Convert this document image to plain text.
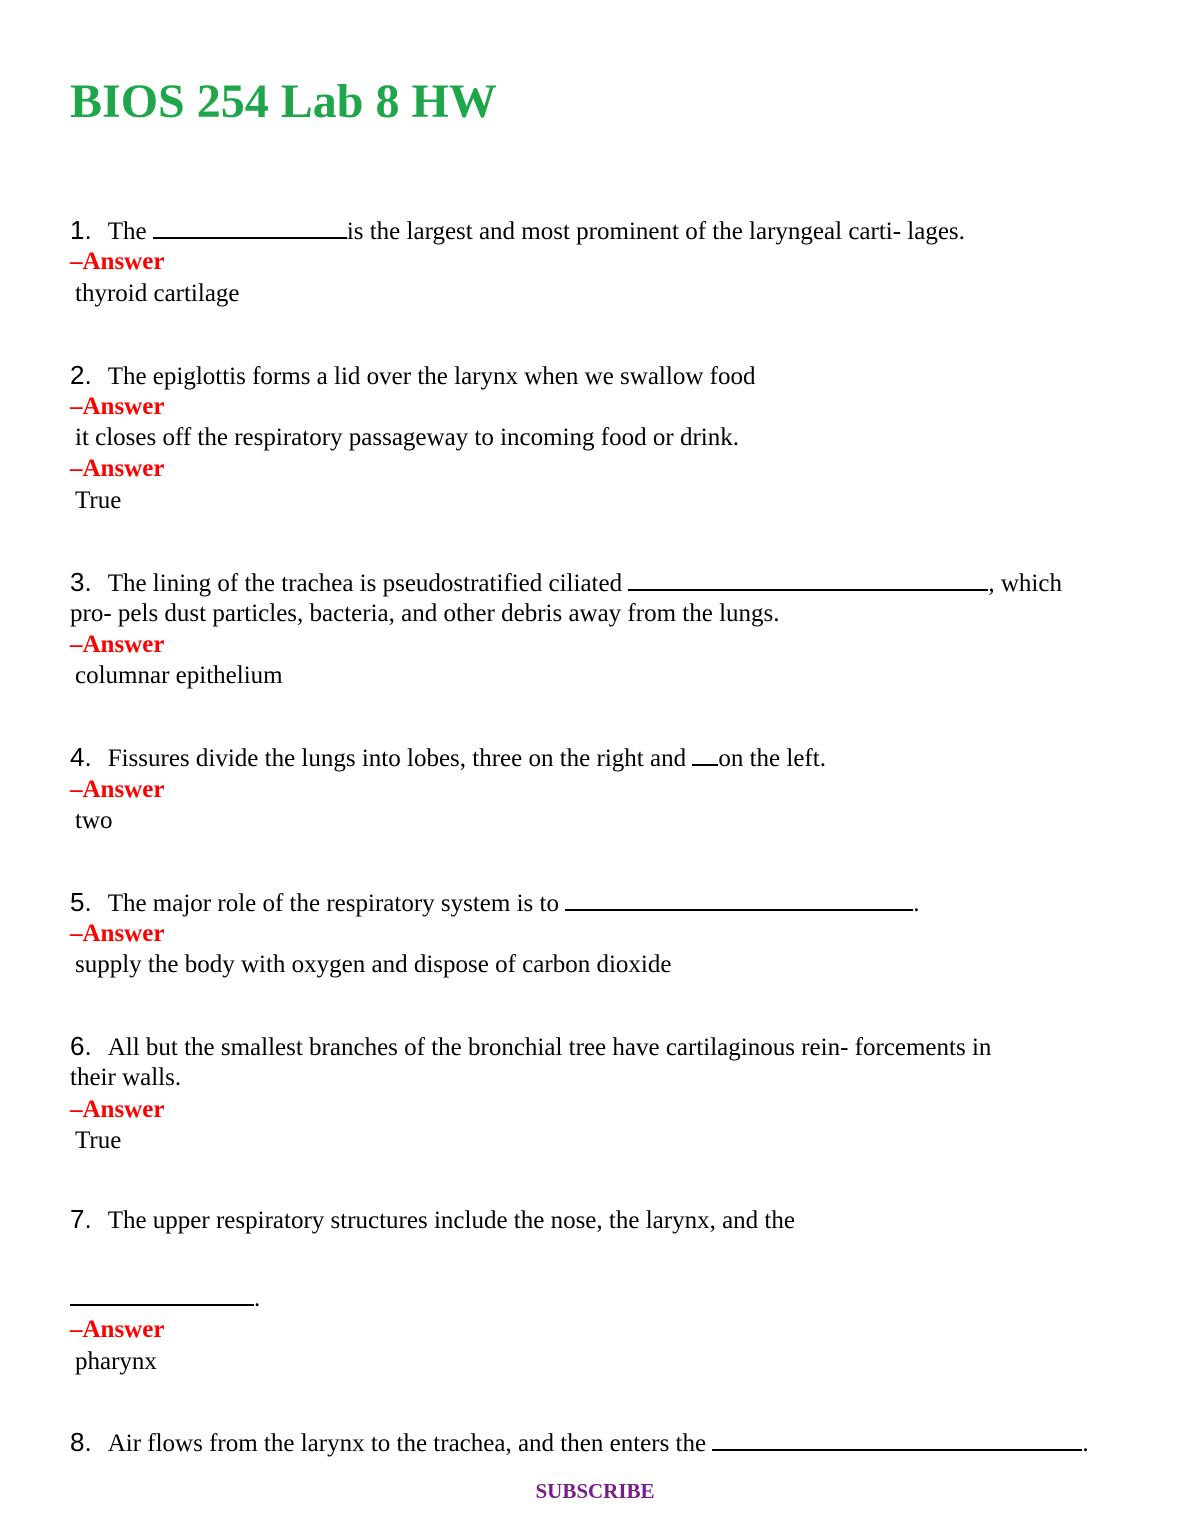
BIOS 254 Lab 8 HW
1. The	is the largest and most prominent of the laryngeal carti- lages.
–Answer
thyroid cartilage
2. The epiglottis forms a lid over the larynx when we swallow food
–Answer
it closes off the respiratory passageway to incoming food or drink.
–Answer
True
3. The lining of the trachea is pseudostratified ciliated	, which
pro- pels dust particles, bacteria, and other debris away from the lungs.
–Answer
columnar epithelium
4. Fissures divide the lungs into lobes, three on the right and on the left.
–Answer
two
5. The major role of the respiratory system is to	.
–Answer
supply the body with oxygen and dispose of carbon dioxide
6. All but the smallest branches of the bronchial tree have cartilaginous rein- forcements in
their walls.
–Answer
True
7. The upper respiratory structures include the nose, the larynx, and the
.
–Answer
pharynx
8. Air flows from the larynx to the trachea, and then enters the	.
SUBSCRIBE
